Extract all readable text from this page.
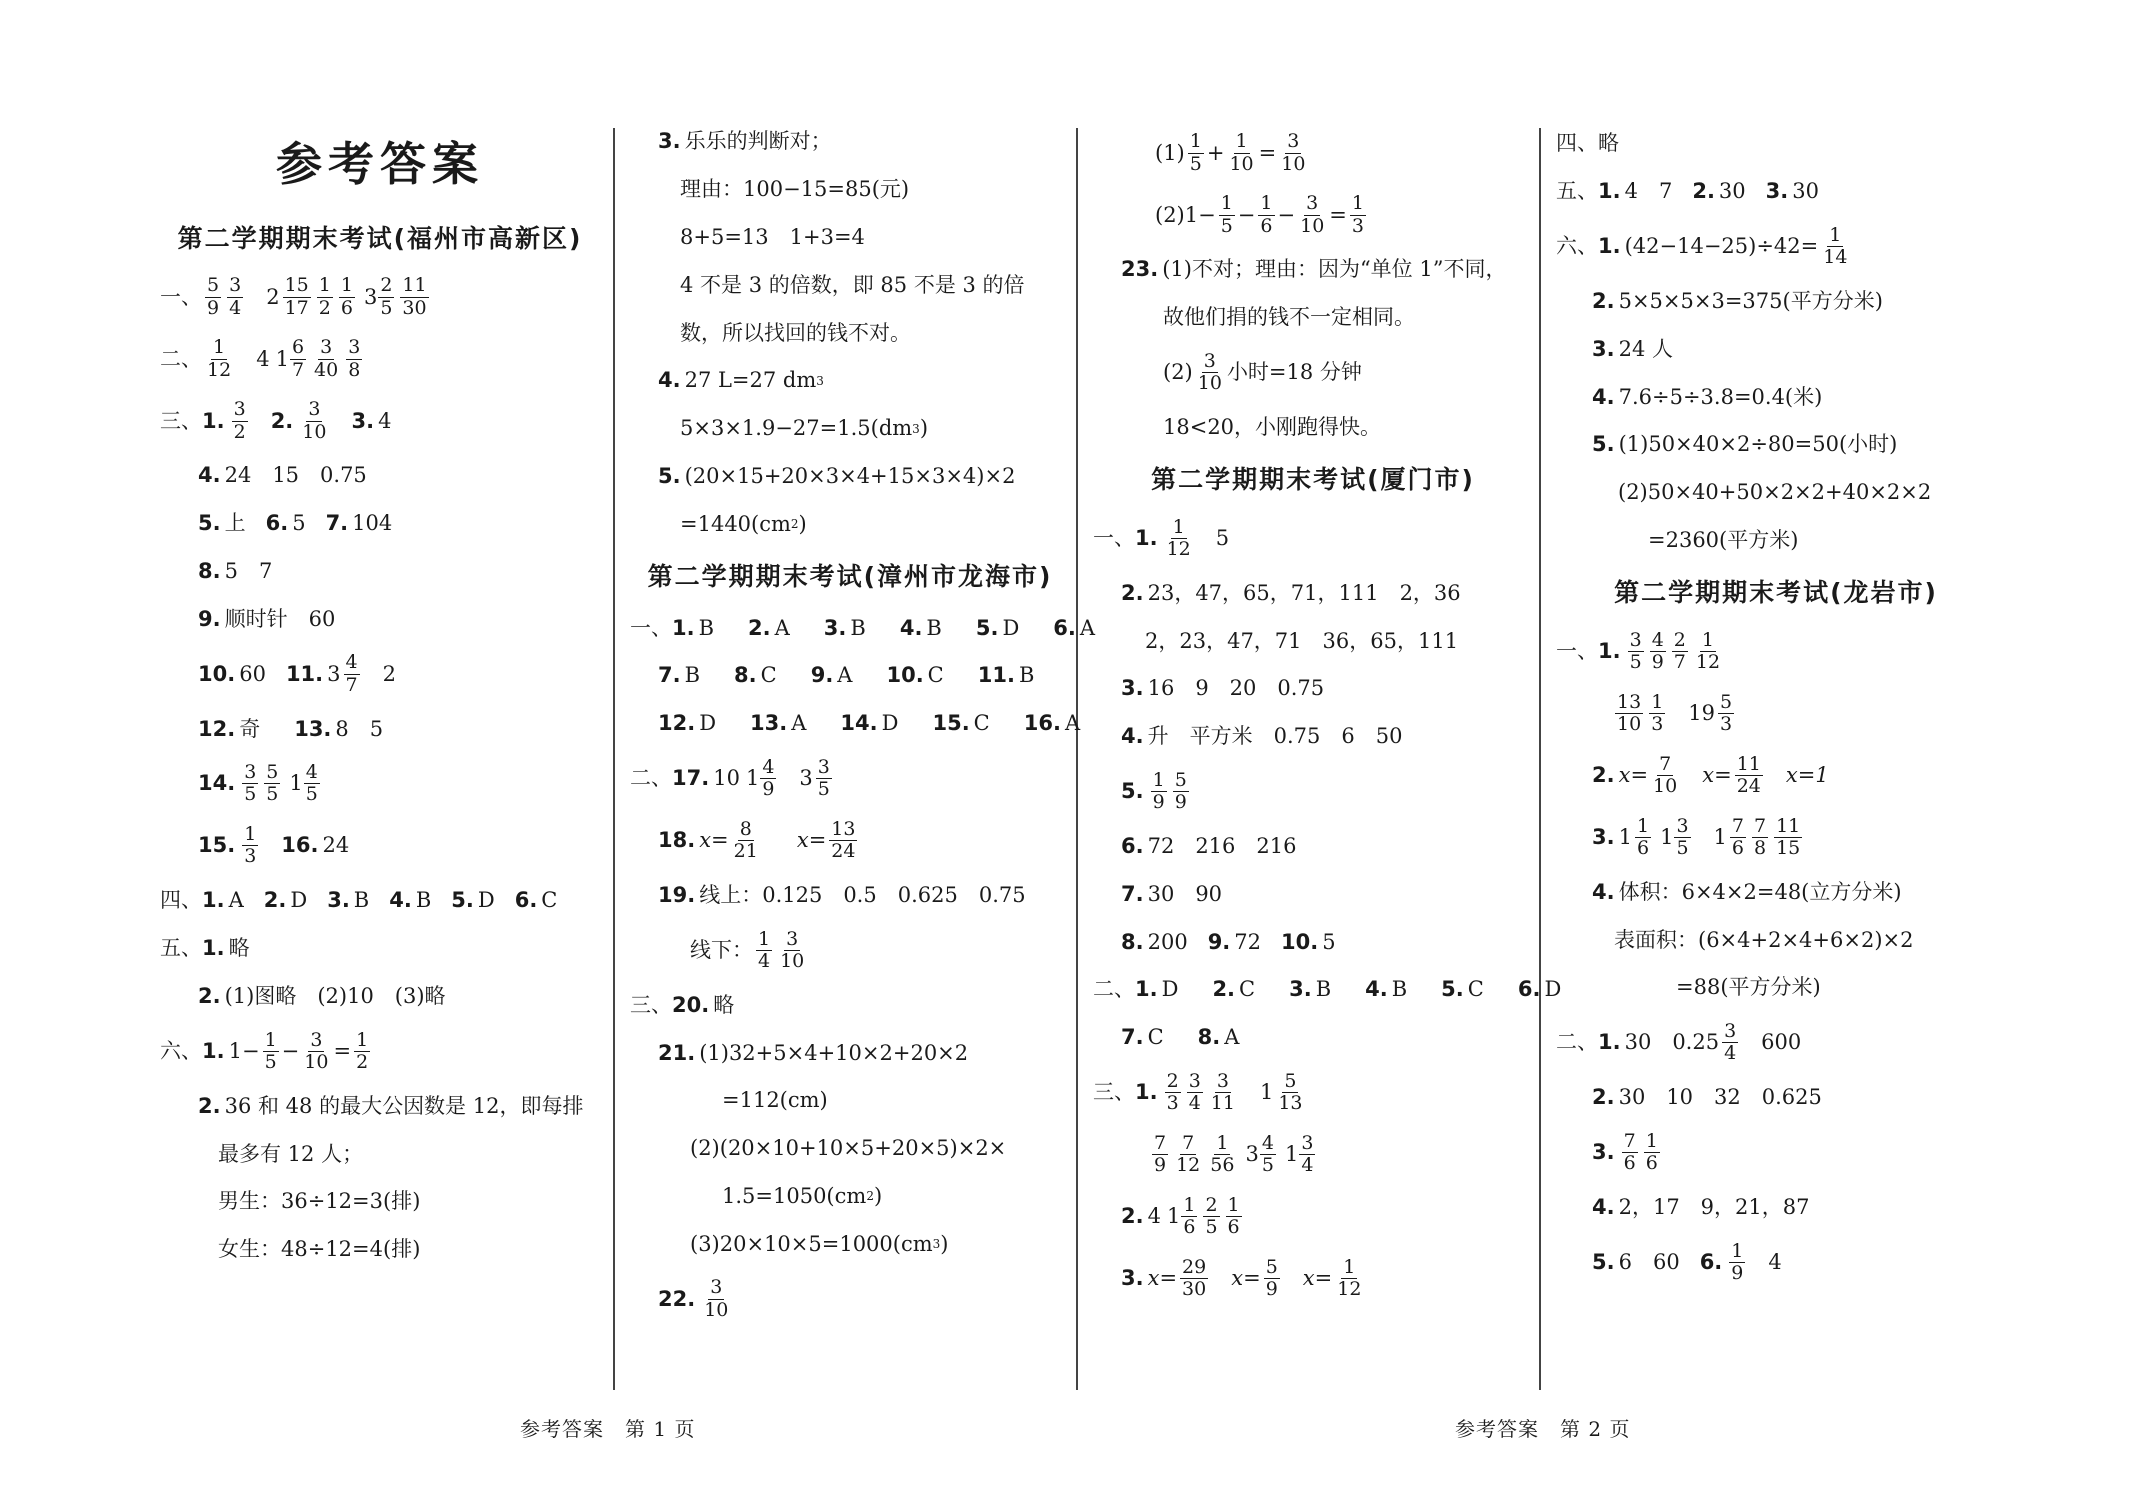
参考答案
第二学期期末考试(福州市高新区)
一、 $\frac{5}{9} \frac{3}{4} 2 \frac{15}{17} \frac{1}{2} \frac{1}{6} 3 \frac{2}{5} \frac{11}{30}$
二、 $\frac{1}{12} 4$ $1 \frac{6}{7} \frac{3}{40} \frac{3}{8}$
三、 1. $\frac{3}{2} 2$. $\frac{3}{10} 3$. 4
4. 24　15　0.75
5. 上 6. 5 7. 104
8. 5　7
9. 顺时针　60
10. 60 11. $3 \frac{4}{7} 2$
12. 奇 13. 8　5
14. $\frac{3}{5} \frac{5}{5} 1 \frac{4}{5}$
15. $\frac{1}{3} 16$. 24
四、 1. A 2. D 3. B 4. B 5. D 6. C
五、 1. 略
2. (1)图略　(2)10　(3)略
六、 1. $1- \frac{1}{5} - \frac{3}{10} = \frac{1}{2}$
2. 36 和 48 的最大公因数是 12，即每排
最多有 12 人；
男生：36÷12=3(排)
女生：48÷12=4(排)
3. 乐乐的判断对；
理由：100−15=85(元)
8+5=13　1+3=4
4 不是 3 的倍数，即 85 不是 3 的倍
数，所以找回的钱不对。
4. 27 L=27 dm 3
5×3×1.9−27=1.5(dm 3 )
5. (20×15+20×3×4+15×3×4)×2
=1440(cm 2 )
第二学期期末考试(漳州市龙海市)
一、 1. B 2. A 3. B 4. B 5. D 6. A
7. B 8. C 9. A 10. C 11. B
12. D 13. A 14. D 15. C 16. A
二、 17. 10 $1 \frac{4}{9} 3 \frac{3}{5}$
18. $x = \frac{8}{21}$ $x = \frac{13}{24}$
19. 线上：0.125　0.5　0.625　0.75
线下： $\frac{1}{4} \frac{3}{10}$
三、 20. 略
21. (1)32+5×4+10×2+20×2
=112(cm)
(2)(20×10+10×5+20×5)×2×
1.5=1050(cm 2 )
(3)20×10×5=1000(cm 3 )
22. $\frac{3}{10}$
$(1) \frac{1}{5} + \frac{1}{10} = \frac{3}{10}$
$(2)1- \frac{1}{5} - \frac{1}{6} - \frac{3}{10} = \frac{1}{3}$
23. (1)不对；理由：因为“单位 1”不同，
故他们捐的钱不一定相同。
$(2) \frac{3}{10}$ 小时=18 分钟
18<20，小刚跑得快。
第二学期期末考试(厦门市)
一、 1. $\frac{1}{12} 5$
2. 23，47，65，71，111　2，36
2，23，47，71　36，65，111
3. 16　9　20　0.75
4. 升　平方米　0.75　6　50
5. $\frac{1}{9} \frac{5}{9}$
6. 72　216　216
7. 30　90
8. 200 9. 72 10. 5
二、 1. D 2. C 3. B 4. B 5. C 6. D
7. C 8. A
三、 1. $\frac{2}{3} \frac{3}{4} \frac{3}{11} 1 \frac{5}{13}$
$\frac{7}{9} \frac{7}{12} \frac{1}{56} 3 \frac{4}{5} 1 \frac{3}{4}$
2. 4 $1 \frac{1}{6} \frac{2}{5} \frac{1}{6}$
3. $x = \frac{29}{30}$ $x = \frac{5}{9}$ $x = \frac{1}{12}$
四、 略
五、 1. 4　7 2. 30 3. 30
六、 1. $(42-14-25)\div 42= \frac{1}{14}$
2. 5×5×5×3=375(平方分米)
3. 24 人
4. 7.6÷5÷3.8=0.4(米)
5. (1)50×40×2÷80=50(小时)
(2)50×40+50×2×2+40×2×2
=2360(平方米)
第二学期期末考试(龙岩市)
一、 1. $\frac{3}{5} \frac{4}{9} \frac{2}{7} \frac{1}{12}$
$\frac{13}{10} \frac{1}{3} 19 \frac{5}{3}$
2. $x = \frac{7}{10}$ $x = \frac{11}{24} x=1$
3. $1 \frac{1}{6} 1 \frac{3}{5} 1 \frac{7}{6} \frac{7}{8} \frac{11}{15}$
4. 体积：6×4×2=48(立方分米)
表面积：(6×4+2×4+6×2)×2
=88(平方分米)
二、 1. 30　$0.25 \frac{3}{4} 600$
2. 30　10　32　0.625
3. $\frac{7}{6} \frac{1}{6}$
4. 2，17　9，21，87
5. 6　60 6. $\frac{1}{9} 4$
参考答案　第 1 页	参考答案　第 2 页
